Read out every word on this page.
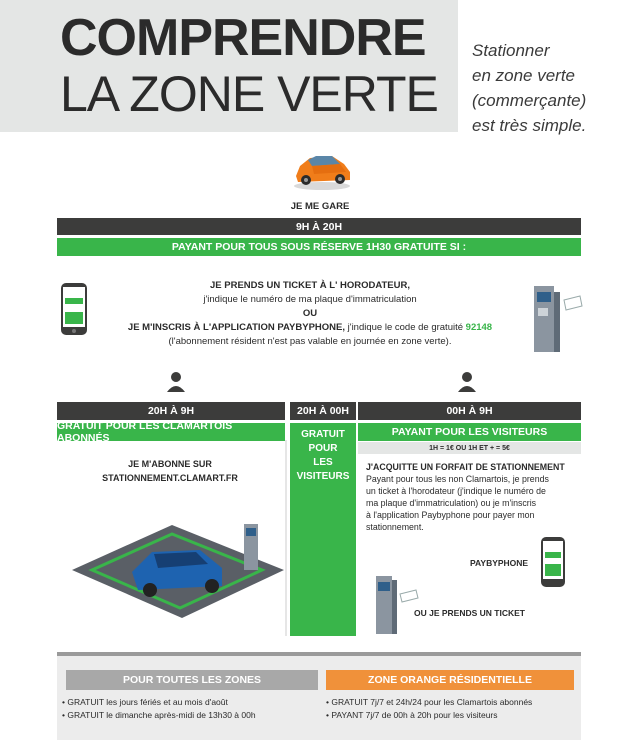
COMPRENDRE
LA ZONE VERTE
Stationner
en zone verte
(commerçante)
est très simple.
JE ME GARE
9H À 20H
PAYANT POUR TOUS SOUS RÉSERVE 1H30 GRATUITE SI :
JE PRENDS UN TICKET À L' HORODATEUR,
j'indique le numéro de ma plaque d'immatriculation
OU
JE M'INSCRIS À L'APPLICATION PAYBYPHONE, j'indique le code de gratuité 92148
(l'abonnement résident n'est pas valable en journée en zone verte).
20H À 9H
GRATUIT POUR LES CLAMARTOIS ABONNÉS
JE M'ABONNE SUR
STATIONNEMENT.CLAMART.FR
20H À 00H
GRATUIT
POUR
LES
VISITEURS
00H À 9H
PAYANT POUR LES VISITEURS
1H = 1€ OU 1H ET + = 5€
J'ACQUITTE UN FORFAIT DE STATIONNEMENT
Payant pour tous les non Clamartois, je prends
un ticket à l'horodateur (j'indique le numéro de
ma plaque d'immatriculation) ou je m'inscris
à l'application Paybyphone pour payer mon
stationnement.
PAYBYPHONE
OU JE PRENDS UN TICKET
POUR TOUTES LES ZONES	ZONE ORANGE RÉSIDENTIELLE
• GRATUIT les jours fériés et au mois d'août
• GRATUIT le dimanche après-midi de 13h30 à 00h
• GRATUIT 7j/7 et 24h/24 pour les Clamartois abonnés
• PAYANT 7j/7 de 00h à 20h pour les visiteurs
